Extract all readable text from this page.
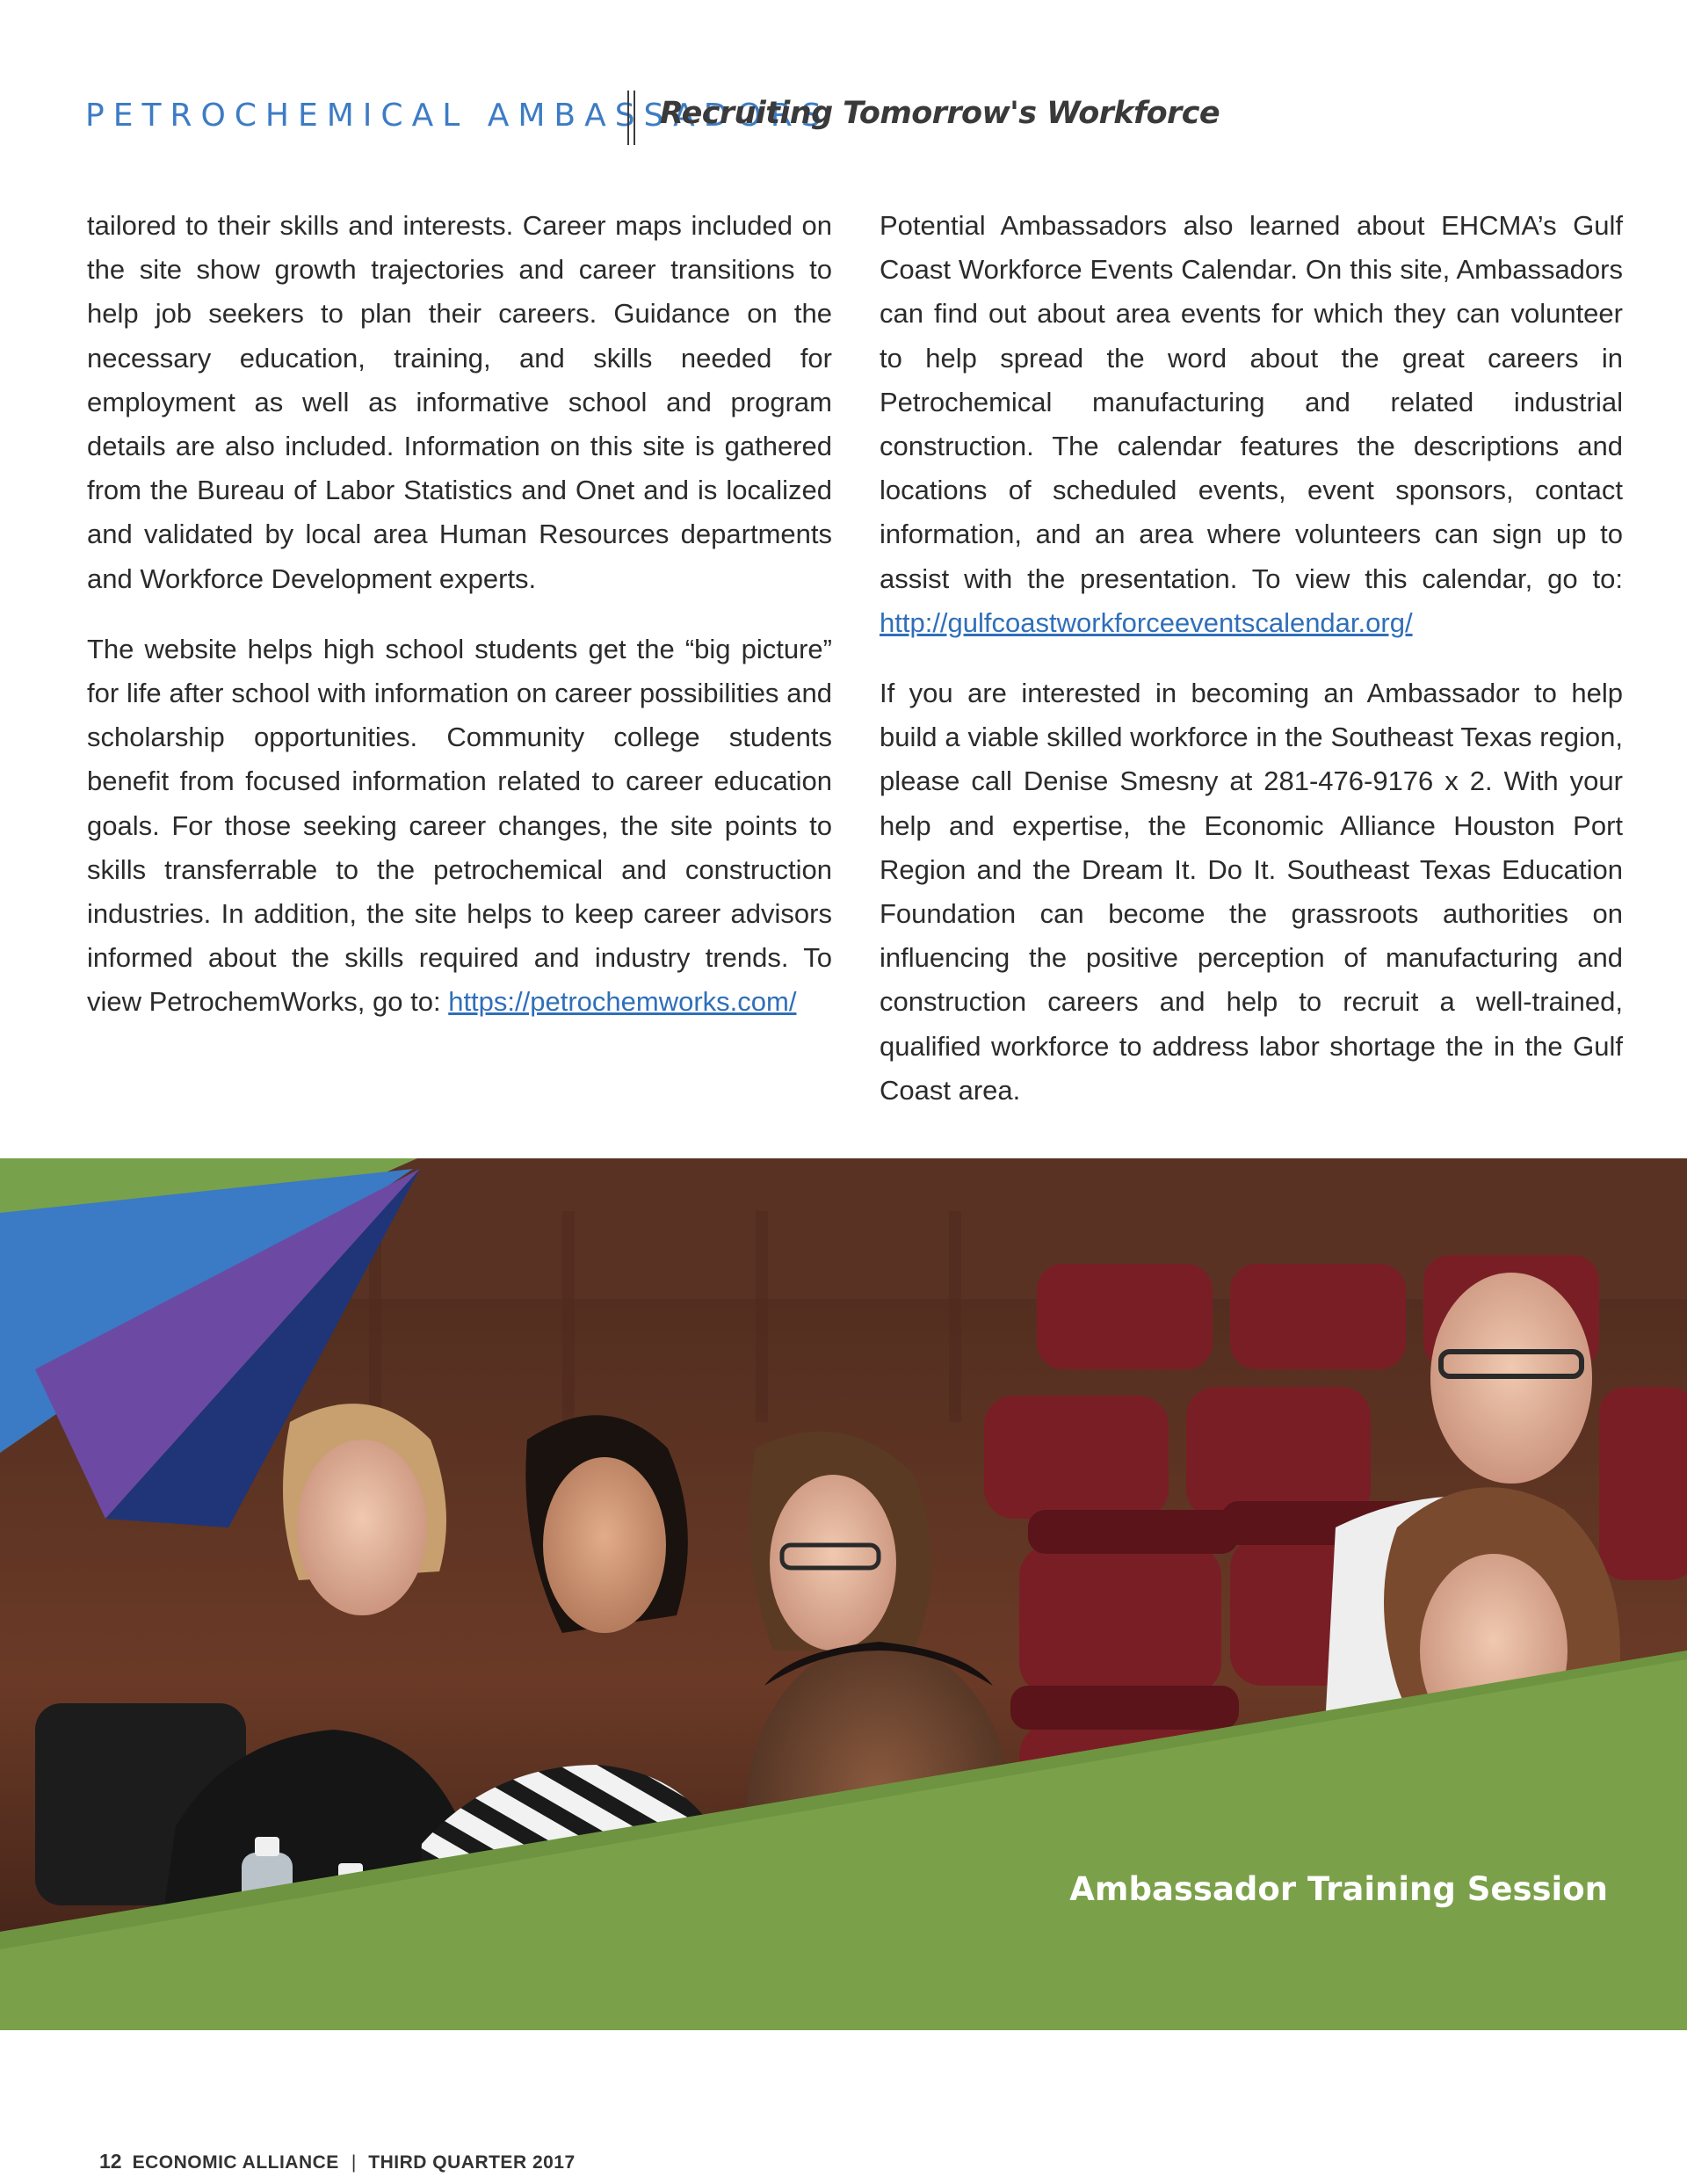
PETROCHEMICAL AMBASSADORS
Recruiting Tomorrow's Workforce

tailored to their skills and interests. Career maps included on the site show growth trajectories and career transitions to help job seekers to plan their careers. Guidance on the necessary education, training, and skills needed for employment as well as informative school and program details are also included. Information on this site is gathered from the Bureau of Labor Statistics and Onet and is localized and validated by local area Human Resources departments and Workforce Development experts.

The website helps high school students get the “big picture” for life after school with information on career possibilities and scholarship opportunities. Community college students benefit from focused information related to career education goals. For those seeking career changes, the site points to skills transferrable to the petrochemical and construction industries. In addition, the site helps to keep career advisors informed about the skills required and industry trends. To view PetrochemWorks, go to: https://petrochemworks.com/

Potential Ambassadors also learned about EHCMA’s Gulf Coast Workforce Events Calendar. On this site, Ambassadors can find out about area events for which they can volunteer to help spread the word about the great careers in Petrochemical manufacturing and related industrial construction. The calendar features the descriptions and locations of scheduled events, event sponsors, contact information, and an area where volunteers can sign up to assist with the presentation. To view this calendar, go to: http://gulfcoastworkforceeventscalendar.org/

If you are interested in becoming an Ambassador to help build a viable skilled workforce in the Southeast Texas region, please call Denise Smesny at 281-476-9176 x 2. With your help and expertise, the Economic Alliance Houston Port Region and the Dream It. Do It. Southeast Texas Education Foundation can become the grassroots authorities on influencing the positive perception of manufacturing and construction careers and help to recruit a well-trained, qualified workforce to address labor shortage the in the Gulf Coast area.

Ambassador Training Session
12 ECONOMIC ALLIANCE | THIRD QUARTER 2017
